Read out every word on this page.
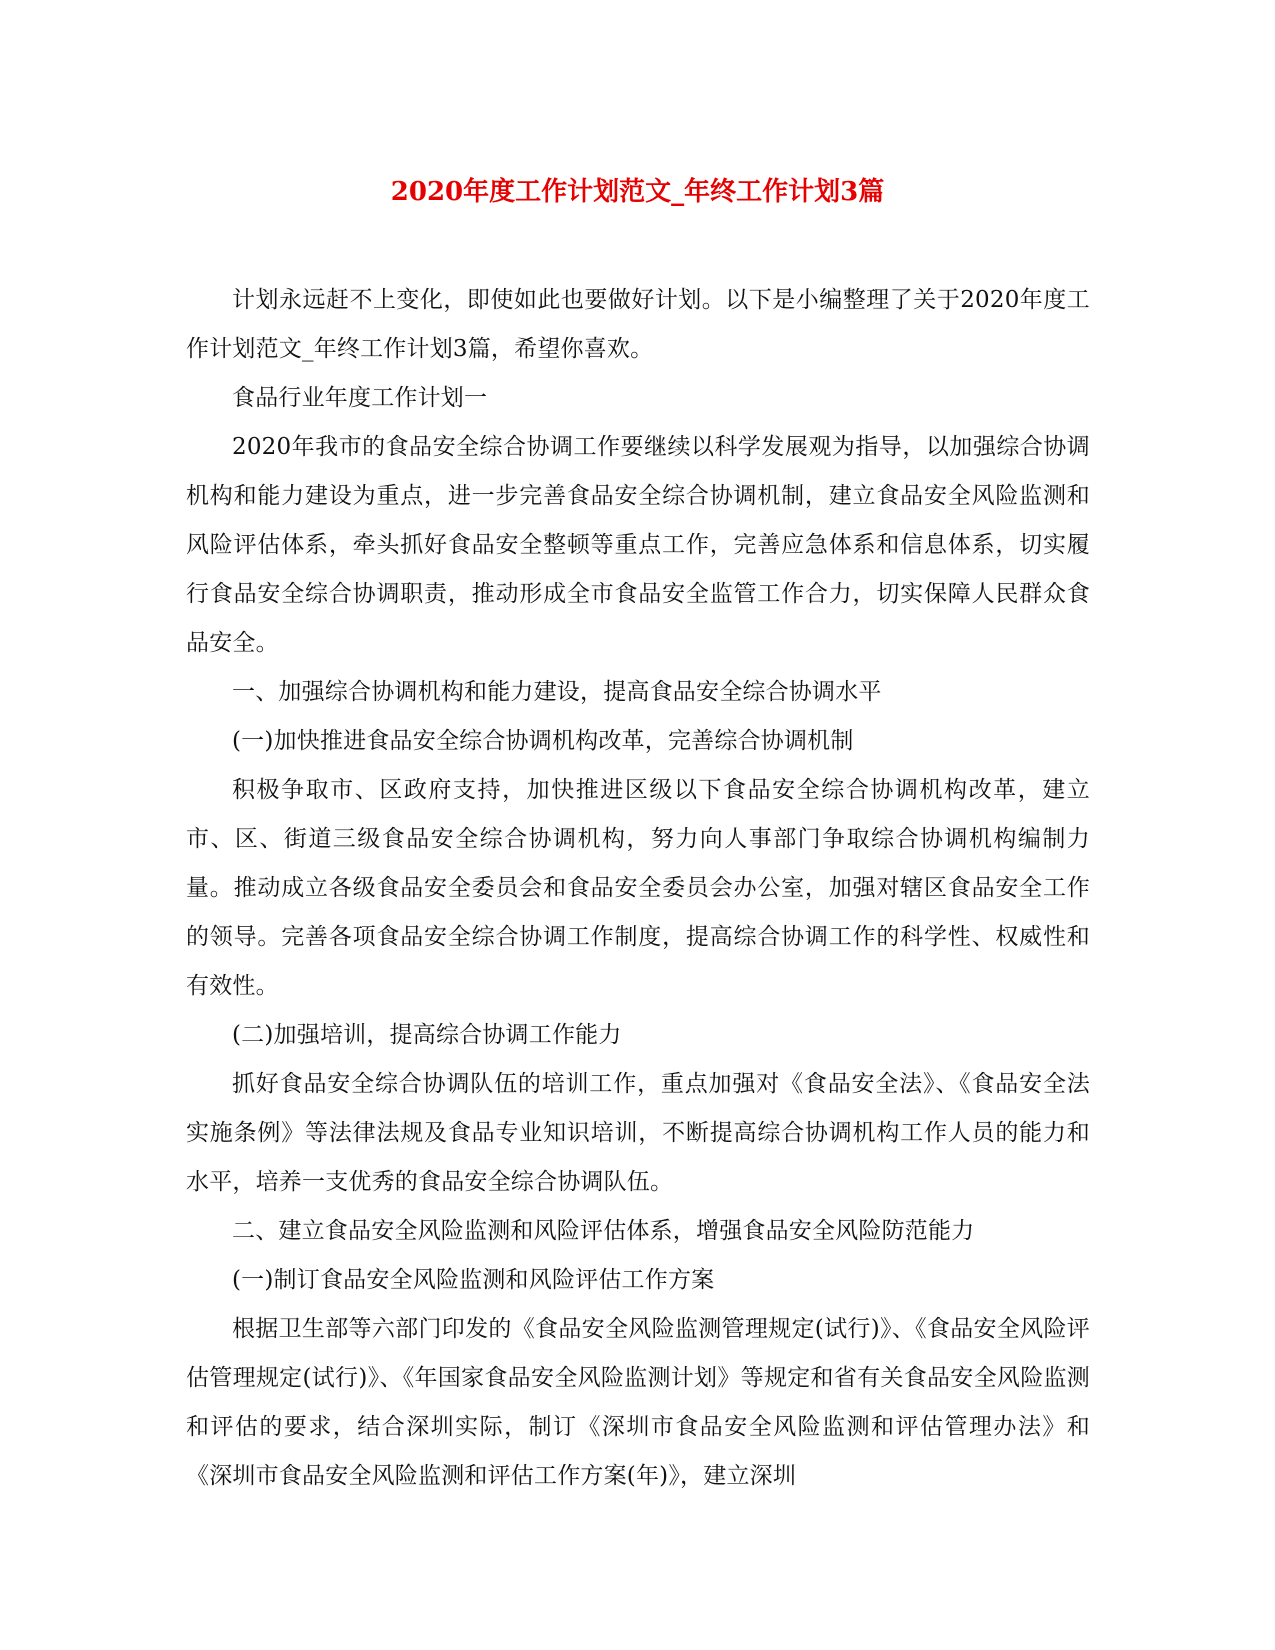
2020年度工作计划范文_年终工作计划3篇

计划永远赶不上变化，即使如此也要做好计划。以下是小编整理了关于2020年度工作计划范文_年终工作计划3篇，希望你喜欢。

食品行业年度工作计划一

2020年我市的食品安全综合协调工作要继续以科学发展观为指导，以加强综合协调机构和能力建设为重点，进一步完善食品安全综合协调机制，建立食品安全风险监测和风险评估体系，牵头抓好食品安全整顿等重点工作，完善应急体系和信息体系，切实履行食品安全综合协调职责，推动形成全市食品安全监管工作合力，切实保障人民群众食品安全。

一、加强综合协调机构和能力建设，提高食品安全综合协调水平

(一)加快推进食品安全综合协调机构改革，完善综合协调机制

积极争取市、区政府支持，加快推进区级以下食品安全综合协调机构改革，建立市、区、街道三级食品安全综合协调机构，努力向人事部门争取综合协调机构编制力量。推动成立各级食品安全委员会和食品安全委员会办公室，加强对辖区食品安全工作的领导。完善各项食品安全综合协调工作制度，提高综合协调工作的科学性、权威性和有效性。

(二)加强培训，提高综合协调工作能力

抓好食品安全综合协调队伍的培训工作，重点加强对《食品安全法》、《食品安全法实施条例》等法律法规及食品专业知识培训，不断提高综合协调机构工作人员的能力和水平，培养一支优秀的食品安全综合协调队伍。

二、建立食品安全风险监测和风险评估体系，增强食品安全风险防范能力

(一)制订食品安全风险监测和风险评估工作方案

根据卫生部等六部门印发的《食品安全风险监测管理规定(试行)》、《食品安全风险评估管理规定(试行)》、《年国家食品安全风险监测计划》等规定和省有关食品安全风险监测和评估的要求，结合深圳实际，制订《深圳市食品安全风险监测和评估管理办法》和《深圳市食品安全风险监测和评估工作方案(年)》，建立深圳
